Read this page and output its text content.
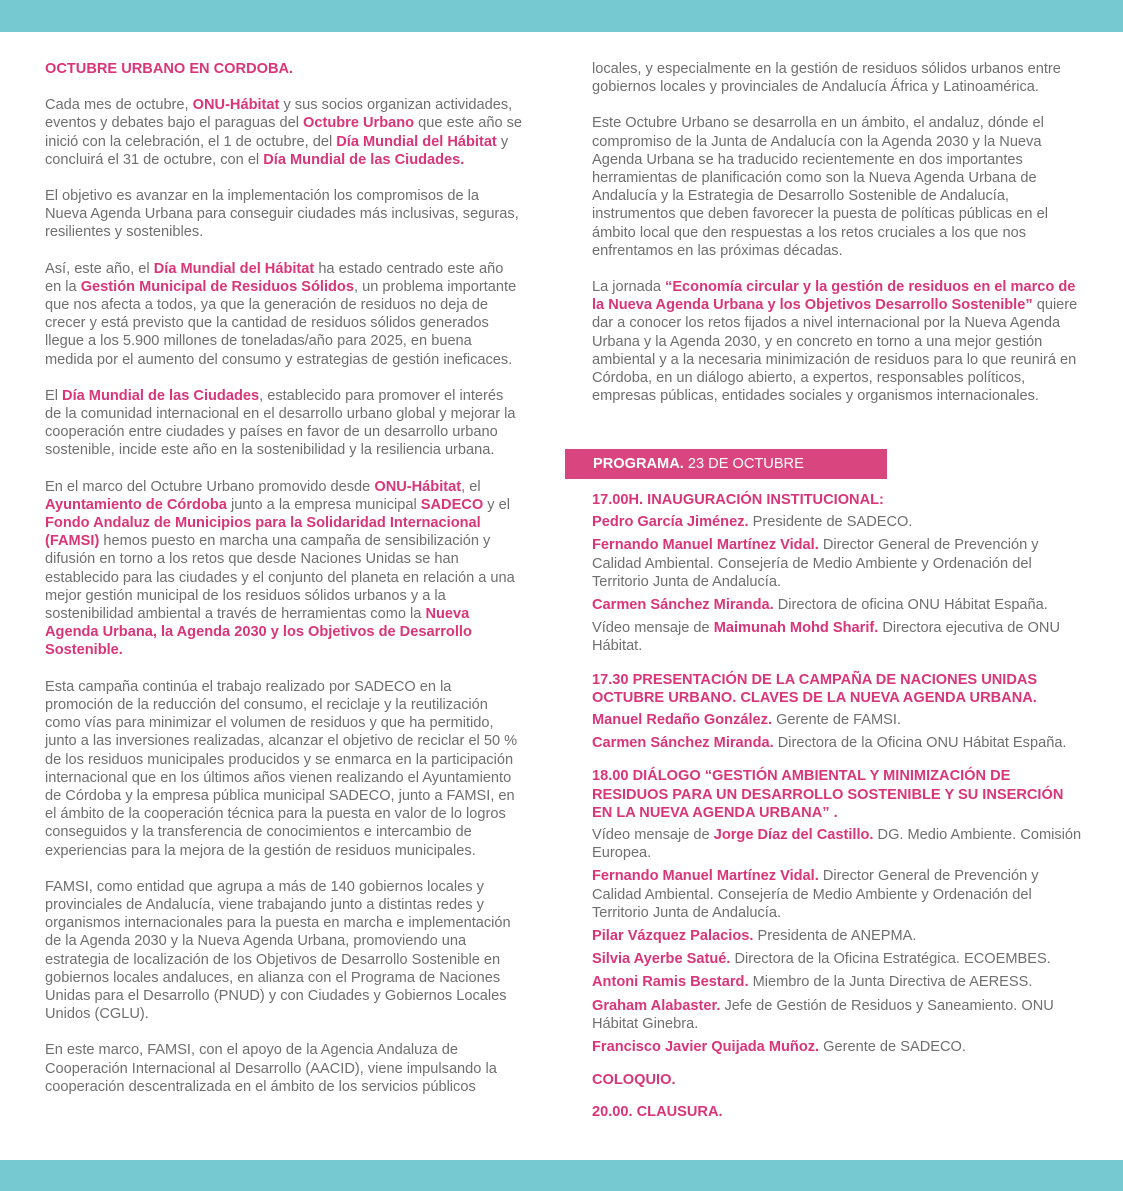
OCTUBRE URBANO EN CORDOBA.

Cada mes de octubre, ONU-Hábitat y sus socios organizan actividades, eventos y debates bajo el paraguas del Octubre Urbano que este año se inició con la celebración, el 1 de octubre, del Día Mundial del Hábitat y concluirá el 31 de octubre, con el Día Mundial de las Ciudades.

El objetivo es avanzar en la implementación los compromisos de la Nueva Agenda Urbana para conseguir ciudades más inclusivas, seguras, resilientes y sostenibles.

Así, este año, el Día Mundial del Hábitat ha estado centrado este año en la Gestión Municipal de Residuos Sólidos, un problema importante que nos afecta a todos, ya que la generación de residuos no deja de crecer y está previsto que la cantidad de residuos sólidos generados llegue a los 5.900 millones de toneladas/año para 2025, en buena medida por el aumento del consumo y estrategias de gestión ineficaces.

El Día Mundial de las Ciudades, establecido para promover el interés de la comunidad internacional en el desarrollo urbano global y mejorar la cooperación entre ciudades y países en favor de un desarrollo urbano sostenible, incide este año en la sostenibilidad y la resiliencia urbana.

En el marco del Octubre Urbano promovido desde ONU-Hábitat, el Ayuntamiento de Córdoba junto a la empresa municipal SADECO y el Fondo Andaluz de Municipios para la Solidaridad Internacional (FAMSI) hemos puesto en marcha una campaña de sensibilización y difusión en torno a los retos que desde Naciones Unidas se han establecido para las ciudades y el conjunto del planeta en relación a una mejor gestión municipal de los residuos sólidos urbanos y a la sostenibilidad ambiental a través de herramientas como la Nueva Agenda Urbana, la Agenda 2030 y los Objetivos de Desarrollo Sostenible.

Esta campaña continúa el trabajo realizado por SADECO en la promoción de la reducción del consumo, el reciclaje y la reutilización como vías para minimizar el volumen de residuos y que ha permitido, junto a las inversiones realizadas, alcanzar el objetivo de reciclar el 50 % de los residuos municipales producidos y se enmarca en la participación internacional que en los últimos años vienen realizando el Ayuntamiento de Córdoba y la empresa pública municipal SADECO, junto a FAMSI, en el ámbito de la cooperación técnica para la puesta en valor de lo logros conseguidos y la transferencia de conocimientos e intercambio de experiencias para la mejora de la gestión de residuos municipales.

FAMSI, como entidad que agrupa a más de 140 gobiernos locales y provinciales de Andalucía, viene trabajando junto a distintas redes y organismos internacionales para la puesta en marcha e implementación de la Agenda 2030 y la Nueva Agenda Urbana, promoviendo una estrategia de localización de los Objetivos de Desarrollo Sostenible en gobiernos locales andaluces, en alianza con el Programa de Naciones Unidas para el Desarrollo (PNUD) y con Ciudades y Gobiernos Locales Unidos (CGLU).

En este marco, FAMSI, con el apoyo de la Agencia Andaluza de Cooperación Internacional al Desarrollo (AACID), viene impulsando la cooperación descentralizada en el ámbito de los servicios públicos

locales, y especialmente en la gestión de residuos sólidos urbanos entre gobiernos locales y provinciales de Andalucía África y Latinoamérica.

Este Octubre Urbano se desarrolla en un ámbito, el andaluz, dónde el compromiso de la Junta de Andalucía con la Agenda 2030 y la Nueva Agenda Urbana se ha traducido recientemente en dos importantes herramientas de planificación como son la Nueva Agenda Urbana de Andalucía y la Estrategia de Desarrollo Sostenible de Andalucía, instrumentos que deben favorecer la puesta de políticas públicas en el ámbito local que den respuestas a los retos cruciales a los que nos enfrentamos en las próximas décadas.

La jornada “Economía circular y la gestión de residuos en el marco de la Nueva Agenda Urbana y los Objetivos Desarrollo Sostenible” quiere dar a conocer los retos fijados a nivel internacional por la Nueva Agenda Urbana y la Agenda 2030, y en concreto en torno a una mejor gestión ambiental y a la necesaria minimización de residuos para lo que reunirá en Córdoba, en un diálogo abierto, a expertos, responsables políticos, empresas públicas, entidades sociales y organismos internacionales.

PROGRAMA. 23 DE OCTUBRE
17.00H. INAUGURACIÓN INSTITUCIONAL:
Pedro García Jiménez. Presidente de SADECO.
Fernando Manuel Martínez Vidal. Director General de Prevención y Calidad Ambiental. Consejería de Medio Ambiente y Ordenación del Territorio Junta de Andalucía.
Carmen Sánchez Miranda. Directora de oficina ONU Hábitat España.
Vídeo mensaje de Maimunah Mohd Sharif. Directora ejecutiva de ONU Hábitat.
17.30 PRESENTACIÓN DE LA CAMPAÑA DE NACIONES UNIDAS OCTUBRE URBANO. CLAVES DE LA NUEVA AGENDA URBANA.
Manuel Redaño González. Gerente de FAMSI.
Carmen Sánchez Miranda. Directora de la Oficina ONU Hábitat España.
18.00 DIÁLOGO “GESTIÓN AMBIENTAL Y MINIMIZACIÓN DE RESIDUOS PARA UN DESARROLLO SOSTENIBLE Y SU INSERCIÓN EN LA NUEVA AGENDA URBANA” .
Vídeo mensaje de Jorge Díaz del Castillo. DG. Medio Ambiente. Comisión Europea.
Fernando Manuel Martínez Vidal. Director General de Prevención y Calidad Ambiental. Consejería de Medio Ambiente y Ordenación del Territorio Junta de Andalucía.
Pilar Vázquez Palacios. Presidenta de ANEPMA.
Silvia Ayerbe Satué. Directora de la Oficina Estratégica. ECOEMBES.
Antoni Ramis Bestard. Miembro de la Junta Directiva de AERESS.
Graham Alabaster. Jefe de Gestión de Residuos y Saneamiento. ONU Hábitat Ginebra.
Francisco Javier Quijada Muñoz. Gerente de SADECO.
COLOQUIO.
20.00. CLAUSURA.
